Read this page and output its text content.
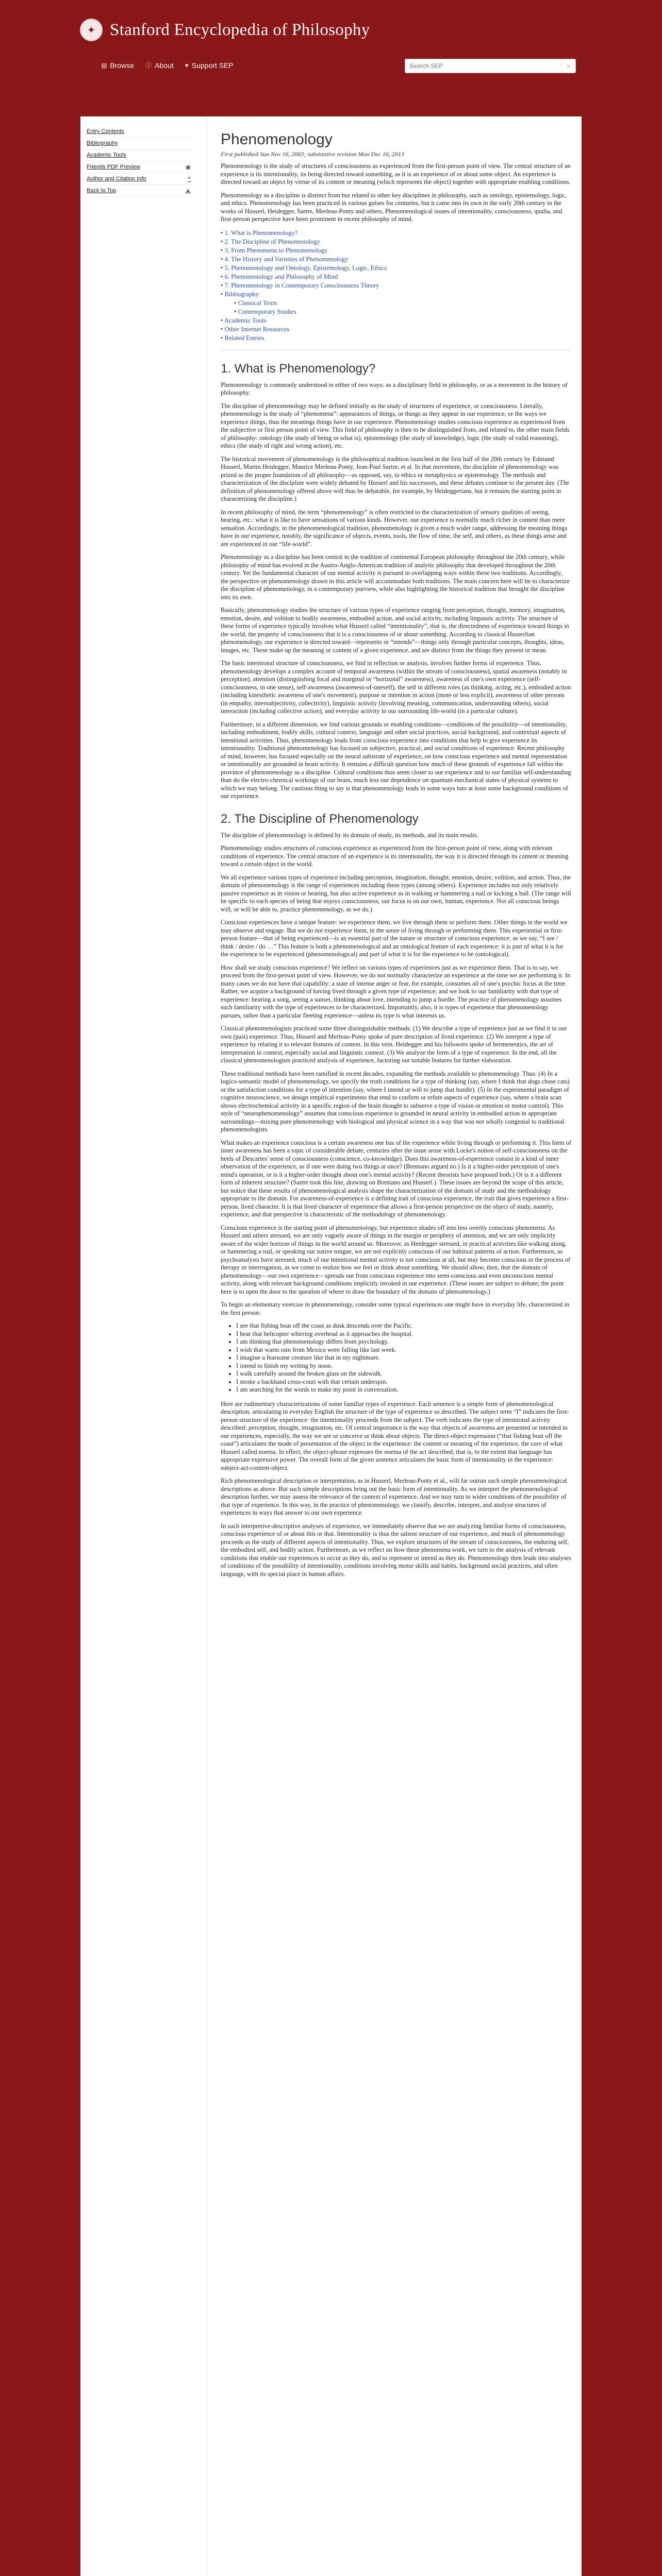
✦ Stanford Encyclopedia of Philosophy
▤ Browse ⓘ About ♥ Support SEP
Search SEP	⌕
Entry Contents
Bibliography
Academic Tools
Friends PDF Preview	▣
Author and Citation Info	❝
Back to Top	▲
Phenomenology
First published Sun Nov 16, 2003; substantive revision Mon Dec 16, 2013

Phenomenology is the study of structures of consciousness as experienced from the first-person point of view. The central structure of an experience is its intentionality, its being directed toward something, as it is an experience of or about some object. An experience is directed toward an object by virtue of its content or meaning (which represents the object) together with appropriate enabling conditions.

Phenomenology as a discipline is distinct from but related to other key disciplines in philosophy, such as ontology, epistemology, logic, and ethics. Phenomenology has been practiced in various guises for centuries, but it came into its own in the early 20th century in the works of Husserl, Heidegger, Sartre, Merleau-Ponty and others. Phenomenological issues of intentionality, consciousness, qualia, and first-person perspective have been prominent in recent philosophy of mind.

• 1. What is Phenomenology?
• 2. The Discipline of Phenomenology
• 3. From Phenomena to Phenomenology
• 4. The History and Varieties of Phenomenology
• 5. Phenomenology and Ontology, Epistemology, Logic, Ethics
• 6. Phenomenology and Philosophy of Mind
• 7. Phenomenology in Contemporary Consciousness Theory
• Bibliography
• Classical Texts
• Contemporary Studies
• Academic Tools
• Other Internet Resources
• Related Entries
1. What is Phenomenology?

Phenomenology is commonly understood in either of two ways: as a disciplinary field in philosophy, or as a movement in the history of philosophy.

The discipline of phenomenology may be defined initially as the study of structures of experience, or consciousness. Literally, phenomenology is the study of “phenomena”: appearances of things, or things as they appear in our experience, or the ways we experience things, thus the meanings things have in our experience. Phenomenology studies conscious experience as experienced from the subjective or first person point of view. This field of philosophy is then to be distinguished from, and related to, the other main fields of philosophy: ontology (the study of being or what is), epistemology (the study of knowledge), logic (the study of valid reasoning), ethics (the study of right and wrong action), etc.

The historical movement of phenomenology is the philosophical tradition launched in the first half of the 20th century by Edmund Husserl, Martin Heidegger, Maurice Merleau-Ponty, Jean-Paul Sartre, et al. In that movement, the discipline of phenomenology was prized as the proper foundation of all philosophy—as opposed, say, to ethics or metaphysics or epistemology. The methods and characterization of the discipline were widely debated by Husserl and his successors, and these debates continue to the present day. (The definition of phenomenology offered above will thus be debatable, for example, by Heideggerians, but it remains the starting point in characterizing the discipline.)

In recent philosophy of mind, the term “phenomenology” is often restricted to the characterization of sensory qualities of seeing, hearing, etc.: what it is like to have sensations of various kinds. However, our experience is normally much richer in content than mere sensation. Accordingly, in the phenomenological tradition, phenomenology is given a much wider range, addressing the meaning things have in our experience, notably, the significance of objects, events, tools, the flow of time, the self, and others, as these things arise and are experienced in our “life-world”.

Phenomenology as a discipline has been central to the tradition of continental European philosophy throughout the 20th century, while philosophy of mind has evolved in the Austro-Anglo-American tradition of analytic philosophy that developed throughout the 20th century. Yet the fundamental character of our mental activity is pursued in overlapping ways within these two traditions. Accordingly, the perspective on phenomenology drawn in this article will accommodate both traditions. The main concern here will be to characterize the discipline of phenomenology, in a contemporary purview, while also highlighting the historical tradition that brought the discipline into its own.

Basically, phenomenology studies the structure of various types of experience ranging from perception, thought, memory, imagination, emotion, desire, and volition to bodily awareness, embodied action, and social activity, including linguistic activity. The structure of these forms of experience typically involves what Husserl called “intentionality”, that is, the directedness of experience toward things in the world, the property of consciousness that it is a consciousness of or about something. According to classical Husserlian phenomenology, our experience is directed toward—represents or “intends”—things only through particular concepts, thoughts, ideas, images, etc. These make up the meaning or content of a given experience, and are distinct from the things they present or mean.

The basic intentional structure of consciousness, we find in reflection or analysis, involves further forms of experience. Thus, phenomenology develops a complex account of temporal awareness (within the stream of consciousness), spatial awareness (notably in perception), attention (distinguishing focal and marginal or “horizonal” awareness), awareness of one's own experience (self-consciousness, in one sense), self-awareness (awareness-of-oneself), the self in different roles (as thinking, acting, etc.), embodied action (including kinesthetic awareness of one's movement), purpose or intention in action (more or less explicit), awareness of other persons (in empathy, intersubjectivity, collectivity), linguistic activity (involving meaning, communication, understanding others), social interaction (including collective action), and everyday activity in our surrounding life-world (in a particular culture).

Furthermore, in a different dimension, we find various grounds or enabling conditions—conditions of the possibility—of intentionality, including embodiment, bodily skills, cultural context, language and other social practices, social background, and contextual aspects of intentional activities. Thus, phenomenology leads from conscious experience into conditions that help to give experience its intentionality. Traditional phenomenology has focused on subjective, practical, and social conditions of experience. Recent philosophy of mind, however, has focused especially on the neural substrate of experience, on how conscious experience and mental representation or intentionality are grounded in brain activity. It remains a difficult question how much of these grounds of experience fall within the province of phenomenology as a discipline. Cultural conditions thus seem closer to our experience and to our familiar self-understanding than do the electro-chemical workings of our brain, much less our dependence on quantum-mechanical states of physical systems to which we may belong. The cautious thing to say is that phenomenology leads in some ways into at least some background conditions of our experience.

2. The Discipline of Phenomenology

The discipline of phenomenology is defined by its domain of study, its methods, and its main results.

Phenomenology studies structures of conscious experience as experienced from the first-person point of view, along with relevant conditions of experience. The central structure of an experience is its intentionality, the way it is directed through its content or meaning toward a certain object in the world.

We all experience various types of experience including perception, imagination, thought, emotion, desire, volition, and action. Thus, the domain of phenomenology is the range of experiences including these types (among others). Experience includes not only relatively passive experience as in vision or hearing, but also active experience as in walking or hammering a nail or kicking a ball. (The range will be specific to each species of being that enjoys consciousness; our focus is on our own, human, experience. Not all conscious beings will, or will be able to, practice phenomenology, as we do.)

Conscious experiences have a unique feature: we experience them, we live through them or perform them. Other things in the world we may observe and engage. But we do not experience them, in the sense of living through or performing them. This experiential or first-person feature—that of being experienced—is an essential part of the nature or structure of conscious experience: as we say, “I see / think / desire / do …” This feature is both a phenomenological and an ontological feature of each experience: it is part of what it is for the experience to be experienced (phenomenological) and part of what it is for the experience to be (ontological).

How shall we study conscious experience? We reflect on various types of experiences just as we experience them. That is to say, we proceed from the first-person point of view. However, we do not normally characterize an experience at the time we are performing it. In many cases we do not have that capability: a state of intense anger or fear, for example, consumes all of one's psychic focus at the time. Rather, we acquire a background of having lived through a given type of experience, and we look to our familiarity with that type of experience: hearing a song, seeing a sunset, thinking about love, intending to jump a hurdle. The practice of phenomenology assumes such familiarity with the type of experiences to be characterized. Importantly, also, it is types of experience that phenomenology pursues, rather than a particular fleeting experience—unless its type is what interests us.

Classical phenomenologists practiced some three distinguishable methods. (1) We describe a type of experience just as we find it in our own (past) experience. Thus, Husserl and Merleau-Ponty spoke of pure description of lived experience. (2) We interpret a type of experience by relating it to relevant features of context. In this vein, Heidegger and his followers spoke of hermeneutics, the art of interpretation in context, especially social and linguistic context. (3) We analyze the form of a type of experience. In the end, all the classical phenomenologists practiced analysis of experience, factoring out notable features for further elaboration.

These traditional methods have been ramified in recent decades, expanding the methods available to phenomenology. Thus: (4) In a logico-semantic model of phenomenology, we specify the truth conditions for a type of thinking (say, where I think that dogs chase cats) or the satisfaction conditions for a type of intention (say, where I intend or will to jump that hurdle). (5) In the experimental paradigm of cognitive neuroscience, we design empirical experiments that tend to confirm or refute aspects of experience (say, where a brain scan shows electrochemical activity in a specific region of the brain thought to subserve a type of vision or emotion or motor control). This style of “neurophenomenology” assumes that conscious experience is grounded in neural activity in embodied action in appropriate surroundings—mixing pure phenomenology with biological and physical science in a way that was not wholly congenial to traditional phenomenologists.

What makes an experience conscious is a certain awareness one has of the experience while living through or performing it. This form of inner awareness has been a topic of considerable debate, centuries after the issue arose with Locke's notion of self-consciousness on the heels of Descartes' sense of consciousness (conscience, co-knowledge). Does this awareness-of-experience consist in a kind of inner observation of the experience, as if one were doing two things at once? (Brentano argued no.) Is it a higher-order perception of one's mind's operation, or is it a higher-order thought about one's mental activity? (Recent theorists have proposed both.) Or is it a different form of inherent structure? (Sartre took this line, drawing on Brentano and Husserl.). These issues are beyond the scope of this article, but notice that these results of phenomenological analysis shape the characterization of the domain of study and the methodology appropriate to the domain. For awareness-of-experience is a defining trait of conscious experience, the trait that gives experience a first-person, lived character. It is that lived character of experience that allows a first-person perspective on the object of study, namely, experience, and that perspective is characteristic of the methodology of phenomenology.

Conscious experience is the starting point of phenomenology, but experience shades off into less overtly conscious phenomena. As Husserl and others stressed, we are only vaguely aware of things in the margin or periphery of attention, and we are only implicitly aware of the wider horizon of things in the world around us. Moreover, as Heidegger stressed, in practical activities like walking along, or hammering a nail, or speaking our native tongue, we are not explicitly conscious of our habitual patterns of action. Furthermore, as psychoanalysts have stressed, much of our intentional mental activity is not conscious at all, but may become conscious in the process of therapy or interrogation, as we come to realize how we feel or think about something. We should allow, then, that the domain of phenomenology—our own experience—spreads out from conscious experience into semi-conscious and even unconscious mental activity, along with relevant background conditions implicitly invoked in our experience. (These issues are subject to debate; the point here is to open the door to the question of where to draw the boundary of the domain of phenomenology.)

To begin an elementary exercise in phenomenology, consider some typical experiences one might have in everyday life, characterized in the first person:

• I see that fishing boat off the coast as dusk descends over the Pacific.
• I hear that helicopter whirring overhead as it approaches the hospital.
• I am thinking that phenomenology differs from psychology.
• I wish that warm rain from Mexico were falling like last week.
• I imagine a fearsome creature like that in my nightmare.
• I intend to finish my writing by noon.
• I walk carefully around the broken glass on the sidewalk.
• I stroke a backhand cross-court with that certain underspin.
• I am searching for the words to make my point in conversation.

Here are rudimentary characterizations of some familiar types of experience. Each sentence is a simple form of phenomenological description, articulating in everyday English the structure of the type of experience so described. The subject term “I” indicates the first-person structure of the experience: the intentionality proceeds from the subject. The verb indicates the type of intentional activity described: perception, thought, imagination, etc. Of central importance is the way that objects of awareness are presented or intended in our experiences, especially, the way we see or conceive or think about objects. The direct-object expression (“that fishing boat off the coast”) articulates the mode of presentation of the object in the experience: the content or meaning of the experience, the core of what Husserl called noema. In effect, the object-phrase expresses the noema of the act described, that is, to the extent that language has appropriate expressive power. The overall form of the given sentence articulates the basic form of intentionality in the experience: subject-act-content-object.

Rich phenomenological description or interpretation, as in Husserl, Merleau-Ponty et al., will far outrun such simple phenomenological descriptions as above. But such simple descriptions bring out the basic form of intentionality. As we interpret the phenomenological description further, we may assess the relevance of the context of experience. And we may turn to wider conditions of the possibility of that type of experience. In this way, in the practice of phenomenology, we classify, describe, interpret, and analyze structures of experiences in ways that answer to our own experience.

In such interpretive-descriptive analyses of experience, we immediately observe that we are analyzing familiar forms of consciousness, conscious experience of or about this or that. Intentionality is thus the salient structure of our experience, and much of phenomenology proceeds as the study of different aspects of intentionality. Thus, we explore structures of the stream of consciousness, the enduring self, the embodied self, and bodily action. Furthermore, as we reflect on how these phenomena work, we turn to the analysis of relevant conditions that enable our experiences to occur as they do, and to represent or intend as they do. Phenomenology then leads into analyses of conditions of the possibility of intentionality, conditions involving motor skills and habits, background social practices, and often language, with its special place in human affairs.
